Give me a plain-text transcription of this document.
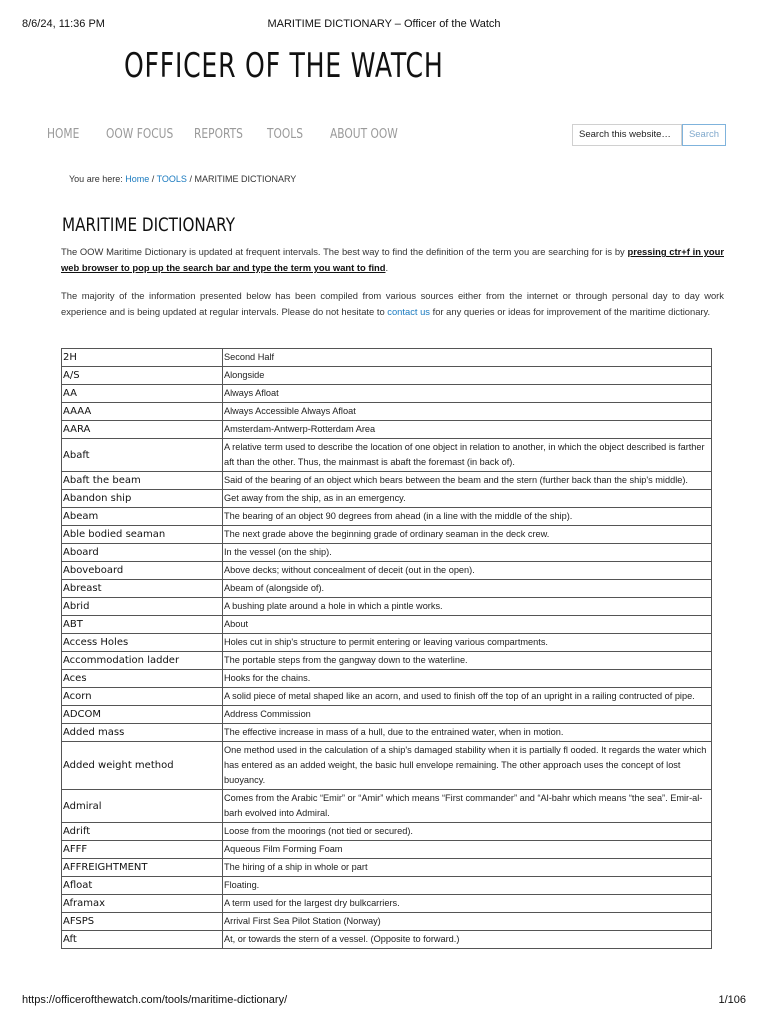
8/6/24, 11:36 PM	MARITIME DICTIONARY – Officer of the Watch
OFFICER OF THE WATCH
HOME OOW FOCUS REPORTS TOOLS ABOUT OOW	Search this website…	Search
You are here: Home / TOOLS / MARITIME DICTIONARY
MARITIME DICTIONARY

The OOW Maritime Dictionary is updated at frequent intervals. The best way to find the definition of the term you are searching for is by pressing ctr+f in your web browser to pop up the search bar and type the term you want to find.

The majority of the information presented below has been compiled from various sources either from the internet or through personal day to day work experience and is being updated at regular intervals. Please do not hesitate to contact us for any queries or ideas for improvement of the maritime dictionary.

2H	Second Half
A/S	Alongside
AA	Always Afloat
AAAA	Always Accessible Always Afloat
AARA	Amsterdam-Antwerp-Rotterdam Area
Abaft	A relative term used to describe the location of one object in relation to another, in which the object described is farther aft than the other. Thus, the mainmast is abaft the foremast (in back of).
Abaft the beam	Said of the bearing of an object which bears between the beam and the stern (further back than the ship's middle).
Abandon ship	Get away from the ship, as in an emergency.
Abeam	The bearing of an object 90 degrees from ahead (in a line with the middle of the ship).
Able bodied seaman	The next grade above the beginning grade of ordinary seaman in the deck crew.
Aboard	In the vessel (on the ship).
Aboveboard	Above decks; without concealment of deceit (out in the open).
Abreast	Abeam of (alongside of).
Abrid	A bushing plate around a hole in which a pintle works.
ABT	About
Access Holes	Holes cut in ship's structure to permit entering or leaving various compartments.
Accommodation ladder	The portable steps from the gangway down to the waterline.
Aces	Hooks for the chains.
Acorn	A solid piece of metal shaped like an acorn, and used to finish off the top of an upright in a railing contructed of pipe.
ADCOM	Address Commission
Added mass	The effective increase in mass of a hull, due to the entrained water, when in motion.
Added weight method	One method used in the calculation of a ship's damaged stability when it is partially fl ooded. It regards the water which has entered as an added weight, the basic hull envelope remaining. The other approach uses the concept of lost buoyancy.
Admiral	Comes from the Arabic “Emir” or “Amir” which means “First commander” and “Al-bahr which means “the sea”. Emir-al-barh evolved into Admiral.
Adrift	Loose from the moorings (not tied or secured).
AFFF	Aqueous Film Forming Foam
AFFREIGHTMENT	The hiring of a ship in whole or part
Afloat	Floating.
Aframax	A term used for the largest dry bulkcarriers.
AFSPS	Arrival First Sea Pilot Station (Norway)
Aft	At, or towards the stern of a vessel. (Opposite to forward.)
https://officerofthewatch.com/tools/maritime-dictionary/	1/106
